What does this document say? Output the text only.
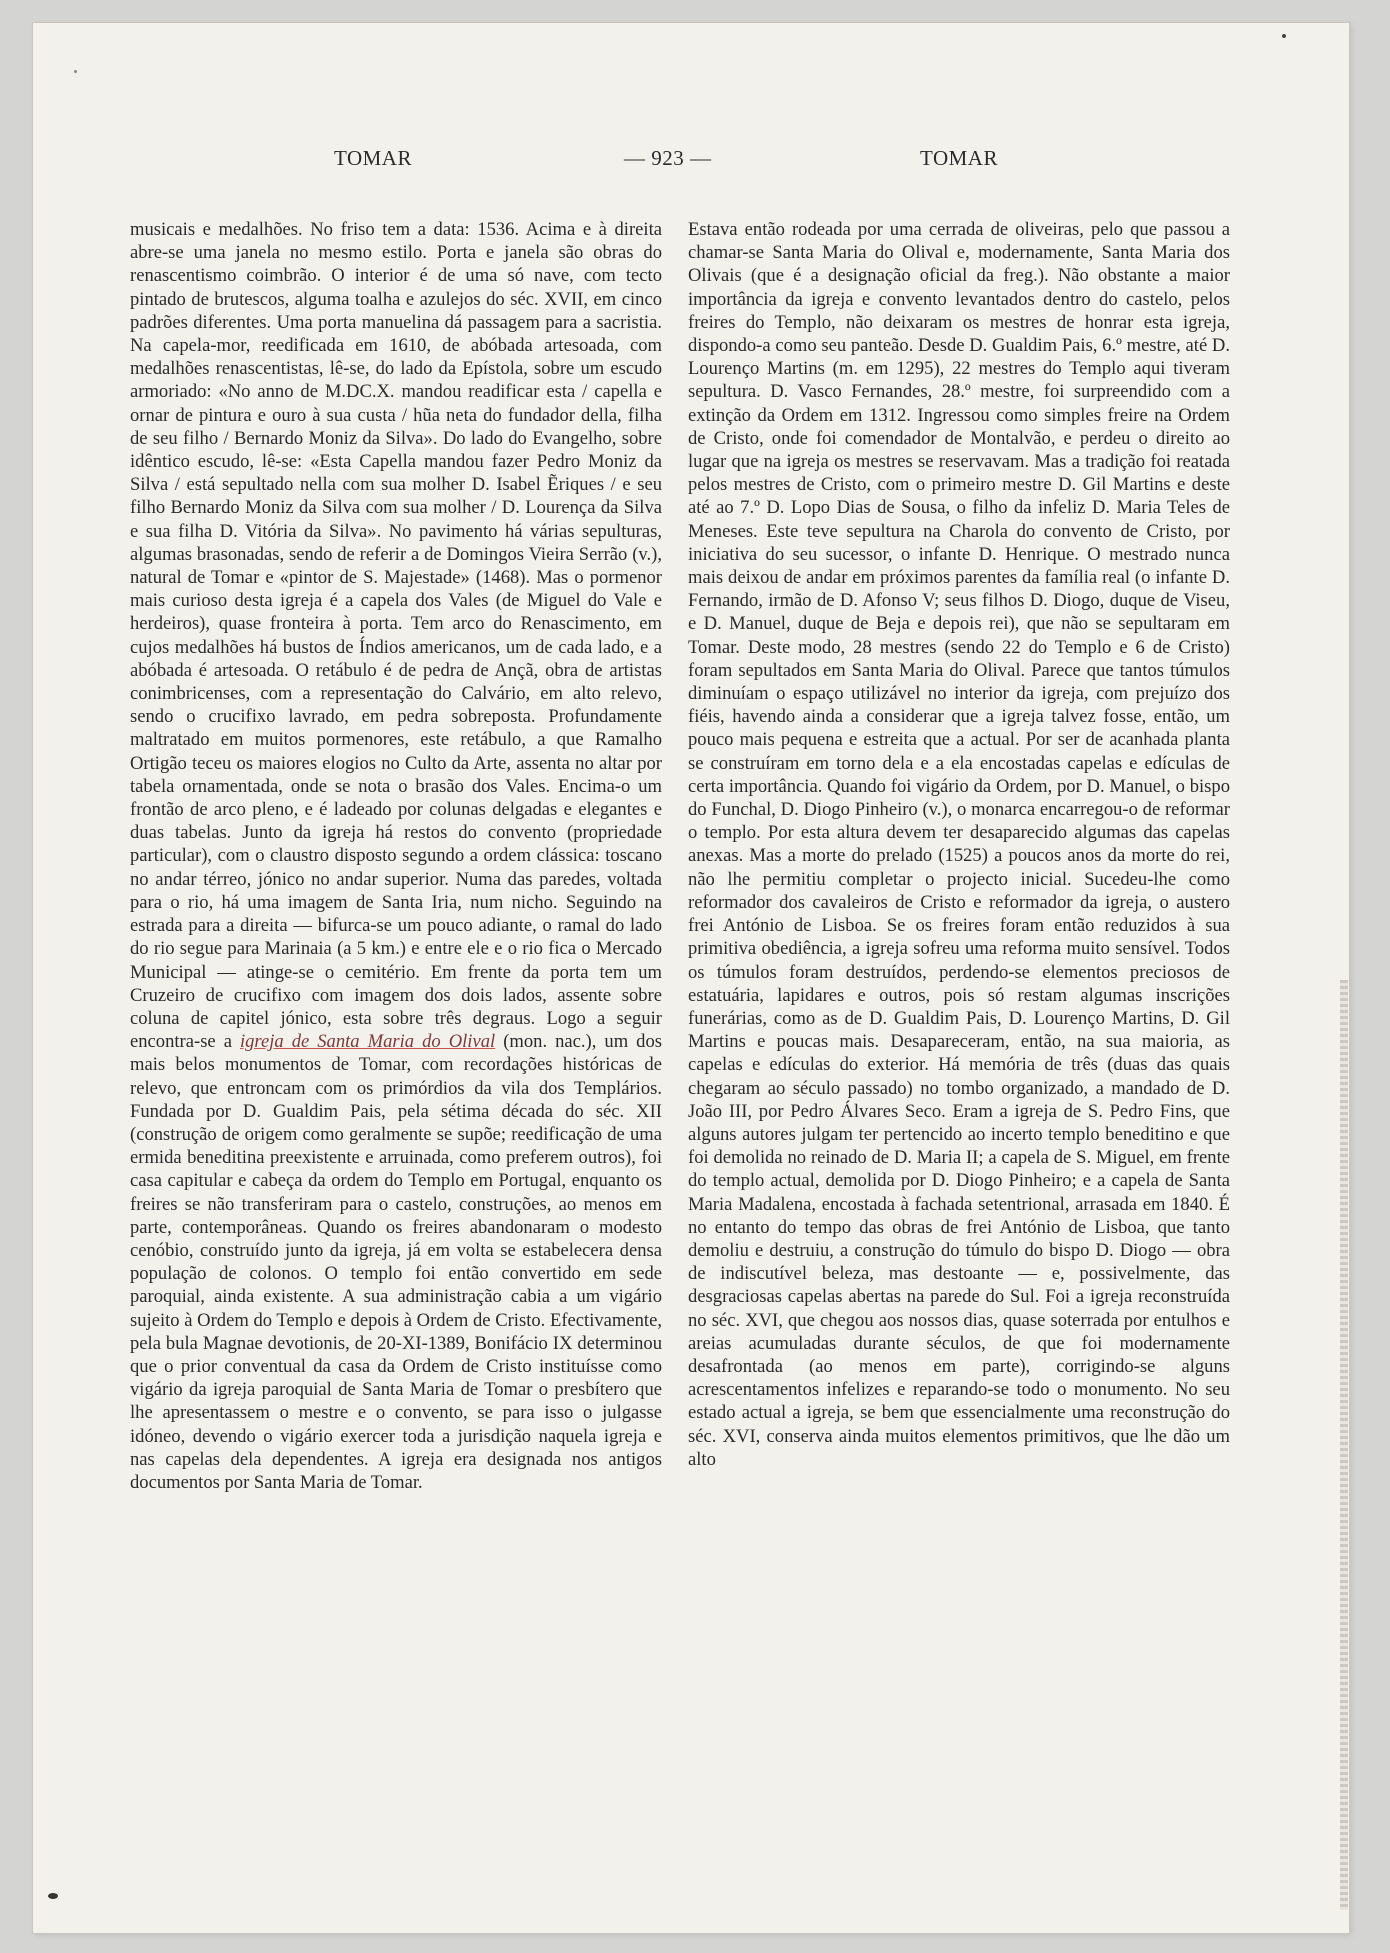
TOMAR	— 923 —	TOMAR

musicais e medalhões. No friso tem a data: 1536. Acima e à direita abre-se uma janela no mesmo estilo. Porta e janela são obras do renascentismo coimbrão. O interior é de uma só nave, com tecto pintado de brutescos, alguma toalha e azulejos do séc. XVII, em cinco padrões diferentes. Uma porta manuelina dá passagem para a sacristia. Na capela-mor, reedificada em 1610, de abóbada artesoada, com medalhões renascentistas, lê-se, do lado da Epístola, sobre um escudo armoriado: «No anno de M.DC.X. mandou readificar esta / capella e ornar de pintura e ouro à sua custa / hũa neta do fundador della, filha de seu filho / Bernardo Moniz da Silva». Do lado do Evangelho, sobre idêntico escudo, lê-se: «Esta Capella mandou fazer Pedro Moniz da Silva / está sepultado nella com sua molher D. Isabel Ẽriques / e seu filho Bernardo Moniz da Silva com sua molher / D. Lourença da Silva e sua filha D. Vitória da Silva». No pavimento há várias sepulturas, algumas brasonadas, sendo de referir a de Domingos Vieira Serrão (v.), natural de Tomar e «pintor de S. Majestade» (1468). Mas o pormenor mais curioso desta igreja é a capela dos Vales (de Miguel do Vale e herdeiros), quase fronteira à porta. Tem arco do Renascimento, em cujos medalhões há bustos de Índios americanos, um de cada lado, e a abóbada é artesoada. O retábulo é de pedra de Ançã, obra de artistas conimbricenses, com a representação do Calvário, em alto relevo, sendo o crucifixo lavrado, em pedra sobreposta. Profundamente maltratado em muitos pormenores, este retábulo, a que Ramalho Ortigão teceu os maiores elogios no Culto da Arte, assenta no altar por tabela ornamentada, onde se nota o brasão dos Vales. Encima-o um frontão de arco pleno, e é ladeado por colunas delgadas e elegantes e duas tabelas. Junto da igreja há restos do convento (propriedade particular), com o claustro disposto segundo a ordem clássica: toscano no andar térreo, jónico no andar superior. Numa das paredes, voltada para o rio, há uma imagem de Santa Iria, num nicho. Seguindo na estrada para a direita — bifurca-se um pouco adiante, o ramal do lado do rio segue para Marinaia (a 5 km.) e entre ele e o rio fica o Mercado Municipal — atinge-se o cemitério. Em frente da porta tem um Cruzeiro de crucifixo com imagem dos dois lados, assente sobre coluna de capitel jónico, esta sobre três degraus. Logo a seguir encontra-se a igreja de Santa Maria do Olival (mon. nac.), um dos mais belos monumentos de Tomar, com recordações históricas de relevo, que entroncam com os primórdios da vila dos Templários. Fundada por D. Gualdim Pais, pela sétima década do séc. XII (construção de origem como geralmente se supõe; reedificação de uma ermida beneditina preexistente e arruinada, como preferem outros), foi casa capitular e cabeça da ordem do Templo em Portugal, enquanto os freires se não transferiram para o castelo, construções, ao menos em parte, contemporâneas. Quando os freires abandonaram o modesto cenóbio, construído junto da igreja, já em volta se estabelecera densa população de colonos. O templo foi então convertido em sede paroquial, ainda existente. A sua administração cabia a um vigário sujeito à Ordem do Templo e depois à Ordem de Cristo. Efectivamente, pela bula Magnae devotionis, de 20-XI-1389, Bonifácio IX determinou que o prior conventual da casa da Ordem de Cristo instituísse como vigário da igreja paroquial de Santa Maria de Tomar o presbítero que lhe apresentassem o mestre e o convento, se para isso o julgasse idóneo, devendo o vigário exercer toda a jurisdição naquela igreja e nas capelas dela dependentes. A igreja era designada nos antigos documentos por Santa Maria de Tomar.

Estava então rodeada por uma cerrada de oliveiras, pelo que passou a chamar-se Santa Maria do Olival e, modernamente, Santa Maria dos Olivais (que é a designação oficial da freg.). Não obstante a maior importância da igreja e convento levantados dentro do castelo, pelos freires do Templo, não deixaram os mestres de honrar esta igreja, dispondo-a como seu panteão. Desde D. Gualdim Pais, 6.º mestre, até D. Lourenço Martins (m. em 1295), 22 mestres do Templo aqui tiveram sepultura. D. Vasco Fernandes, 28.º mestre, foi surpreendido com a extinção da Ordem em 1312. Ingressou como simples freire na Ordem de Cristo, onde foi comendador de Montalvão, e perdeu o direito ao lugar que na igreja os mestres se reservavam. Mas a tradição foi reatada pelos mestres de Cristo, com o primeiro mestre D. Gil Martins e deste até ao 7.º D. Lopo Dias de Sousa, o filho da infeliz D. Maria Teles de Meneses. Este teve sepultura na Charola do convento de Cristo, por iniciativa do seu sucessor, o infante D. Henrique. O mestrado nunca mais deixou de andar em próximos parentes da família real (o infante D. Fernando, irmão de D. Afonso V; seus filhos D. Diogo, duque de Viseu, e D. Manuel, duque de Beja e depois rei), que não se sepultaram em Tomar. Deste modo, 28 mestres (sendo 22 do Templo e 6 de Cristo) foram sepultados em Santa Maria do Olival. Parece que tantos túmulos diminuíam o espaço utilizável no interior da igreja, com prejuízo dos fiéis, havendo ainda a considerar que a igreja talvez fosse, então, um pouco mais pequena e estreita que a actual. Por ser de acanhada planta se construíram em torno dela e a ela encostadas capelas e edículas de certa importância. Quando foi vigário da Ordem, por D. Manuel, o bispo do Funchal, D. Diogo Pinheiro (v.), o monarca encarregou-o de reformar o templo. Por esta altura devem ter desaparecido algumas das capelas anexas. Mas a morte do prelado (1525) a poucos anos da morte do rei, não lhe permitiu completar o projecto inicial. Sucedeu-lhe como reformador dos cavaleiros de Cristo e reformador da igreja, o austero frei António de Lisboa. Se os freires foram então reduzidos à sua primitiva obediência, a igreja sofreu uma reforma muito sensível. Todos os túmulos foram destruídos, perdendo-se elementos preciosos de estatuária, lapidares e outros, pois só restam algumas inscrições funerárias, como as de D. Gualdim Pais, D. Lourenço Martins, D. Gil Martins e poucas mais. Desapareceram, então, na sua maioria, as capelas e edículas do exterior. Há memória de três (duas das quais chegaram ao século passado) no tombo organizado, a mandado de D. João III, por Pedro Álvares Seco. Eram a igreja de S. Pedro Fins, que alguns autores julgam ter pertencido ao incerto templo beneditino e que foi demolida no reinado de D. Maria II; a capela de S. Miguel, em frente do templo actual, demolida por D. Diogo Pinheiro; e a capela de Santa Maria Madalena, encostada à fachada setentrional, arrasada em 1840. É no entanto do tempo das obras de frei António de Lisboa, que tanto demoliu e destruiu, a construção do túmulo do bispo D. Diogo — obra de indiscutível beleza, mas destoante — e, possivelmente, das desgraciosas capelas abertas na parede do Sul. Foi a igreja reconstruída no séc. XVI, que chegou aos nossos dias, quase soterrada por entulhos e areias acumuladas durante séculos, de que foi modernamente desafrontada (ao menos em parte), corrigindo-se alguns acrescentamentos infelizes e reparando-se todo o monumento. No seu estado actual a igreja, se bem que essencialmente uma reconstrução do séc. XVI, conserva ainda muitos elementos primitivos, que lhe dão um alto
